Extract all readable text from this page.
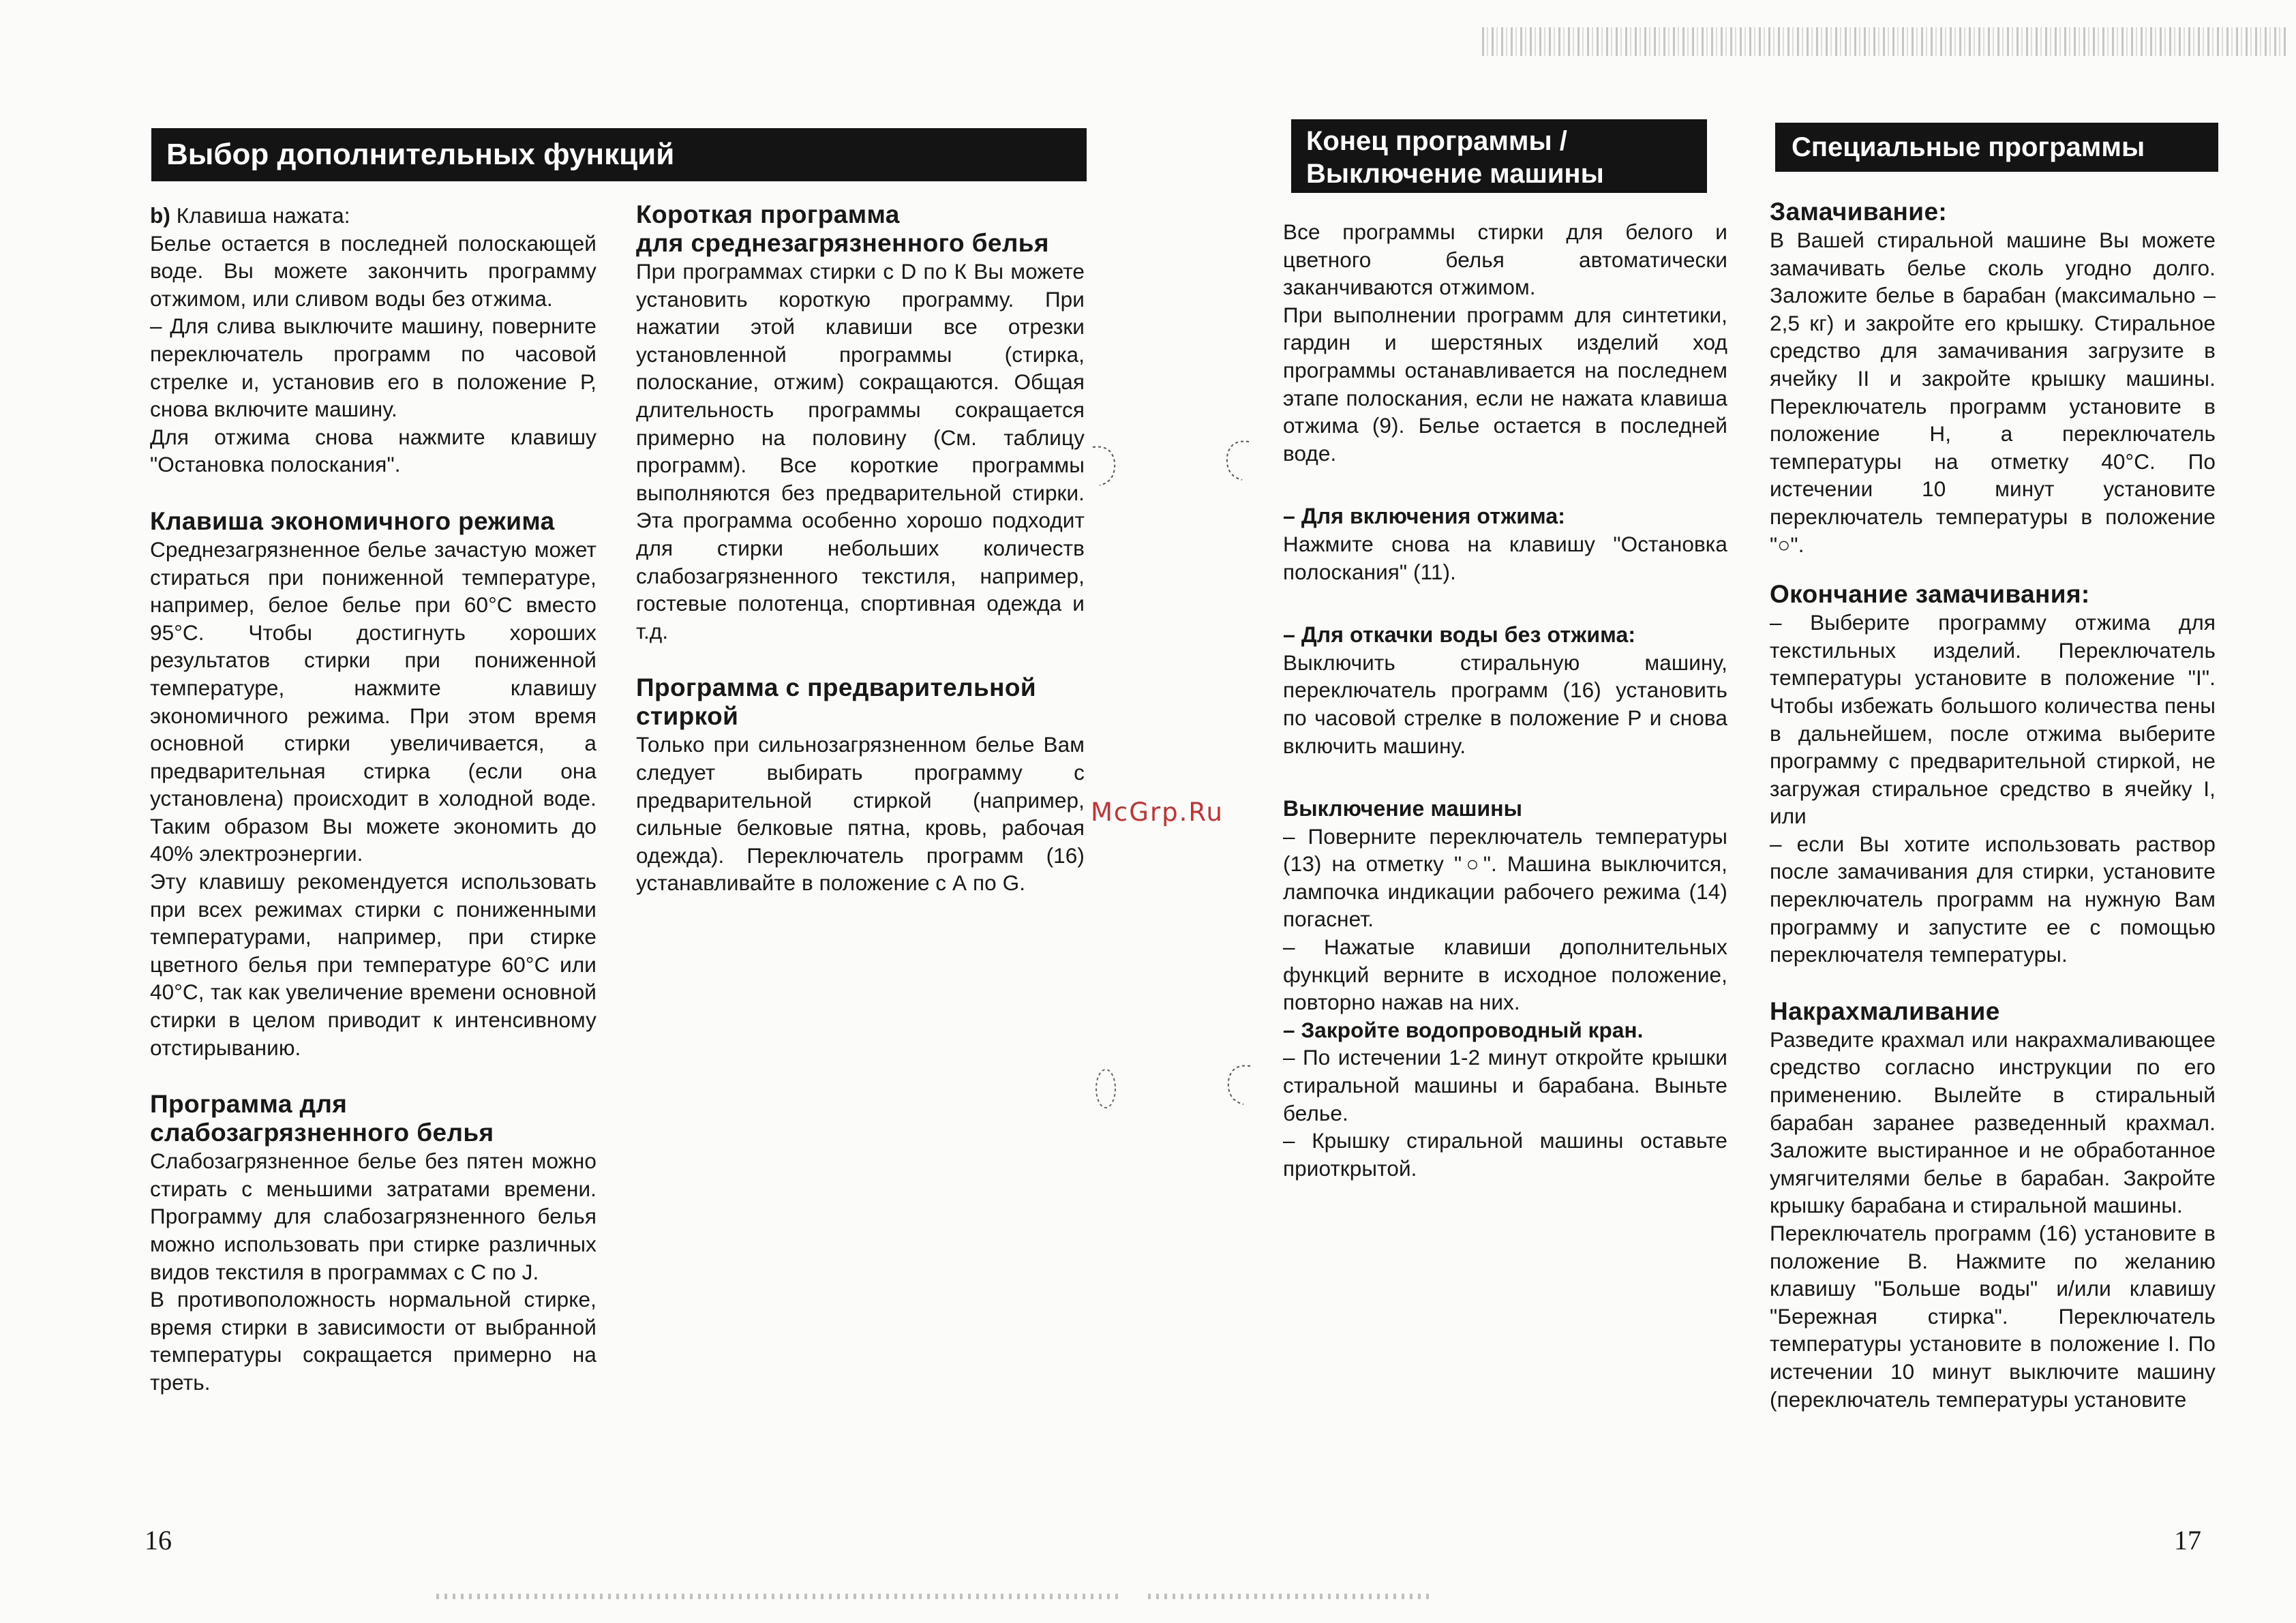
Выбор дополнительных функций

b) Клавиша нажата:

Белье остается в последней полоскающей воде. Вы можете закончить программу отжимом, или сливом воды без отжима.

– Для слива выключите машину, поверните переключатель программ по часовой стрелке и, установив его в положение Р, снова включите машину.

Для отжима снова нажмите клавишу "Остановка полоскания".

Клавиша экономичного режима

Среднезагрязненное белье зачастую может стираться при пониженной температуре, например, белое белье при 60°С вместо 95°С. Чтобы достигнуть хороших результатов стирки при пониженной температуре, нажмите клавишу экономичного режима. При этом время основной стирки увеличивается, а предварительная стирка (если она установлена) происходит в холодной воде. Таким образом Вы можете экономить до 40% электроэнергии.

Эту клавишу рекомендуется использовать при всех режимах стирки с пониженными температурами, например, при стирке цветного белья при температуре 60°С или 40°С, так как увеличение времени основной стирки в целом приводит к интенсивному отстирыванию.

Программа для
слабозагрязненного белья

Слабозагрязненное белье без пятен можно стирать с меньшими затратами времени. Программу для слабозагрязненного белья можно использовать при стирке различных видов текстиля в программах с С по J.

В противоположность нормальной стирке, время стирки в зависимости от выбранной температуры сокращается примерно на треть.

Короткая программа
для среднезагрязненного белья

При программах стирки с D по К Вы можете установить короткую программу. При нажатии этой клавиши все отрезки установленной программы (стирка, полоскание, отжим) сокращаются. Общая длительность программы сокращается примерно на половину (См. таблицу программ). Все короткие программы выполняются без предварительной стирки. Эта программа особенно хорошо подходит для стирки небольших количеств слабозагрязненного текстиля, например, гостевые полотенца, спортивная одежда и т.д.

Программа с предварительной
стиркой

Только при сильнозагрязненном белье Вам следует выбирать программу с предварительной стиркой (например, сильные белковые пятна, кровь, рабочая одежда). Переключатель программ (16) устанавливайте в положение с А по G.

McGrp.Ru
16
Конец программы /
Выключение машины

Все программы стирки для белого и цветного белья автоматически заканчиваются отжимом.

При выполнении программ для синтетики, гардин и шерстяных изделий ход программы останавливается на последнем этапе полоскания, если не нажата клавиша отжима (9). Белье остается в последней воде.

– Для включения отжима:

Нажмите снова на клавишу "Остановка полоскания" (11).

– Для откачки воды без отжима:

Выключить стиральную машину, переключатель программ (16) установить по часовой стрелке в положение Р и снова включить машину.

Выключение машины

– Поверните переключатель температуры (13) на отметку "○". Машина выключится, лампочка индикации рабочего режима (14) погаснет.

– Нажатые клавиши дополнительных функций верните в исходное положение, повторно нажав на них.

– Закройте водопроводный кран.

– По истечении 1-2 минут откройте крышки стиральной машины и барабана. Выньте белье.

– Крышку стиральной машины оставьте приоткрытой.

Специальные программы
Замачивание:

В Вашей стиральной машине Вы можете замачивать белье сколь угодно долго. Заложите белье в барабан (максимально – 2,5 кг) и закройте его крышку. Стиральное средство для замачивания загрузите в ячейку II и закройте крышку машины. Переключатель программ установите в положение Н, а переключатель температуры на отметку 40°С. По истечении 10 минут установите переключатель температуры в положение "○".

Окончание замачивания:

– Выберите программу отжима для текстильных изделий. Переключатель температуры установите в положение "I". Чтобы избежать большого количества пены в дальнейшем, после отжима выберите программу с предварительной стиркой, не загружая стиральное средство в ячейку I, или

– если Вы хотите использовать раствор после замачивания для стирки, установите переключатель программ на нужную Вам программу и запустите ее с помощью переключателя температуры.

Накрахмаливание

Разведите крахмал или накрахмаливающее средство согласно инструкции по его применению. Вылейте в стиральный барабан заранее разведенный крахмал. Заложите выстиранное и не обработанное умягчителями белье в барабан. Закройте крышку барабана и стиральной машины.

Переключатель программ (16) установите в положение В. Нажмите по желанию клавишу "Больше воды" и/или клавишу "Бережная стирка". Переключатель температуры установите в положение I. По истечении 10 минут выключите машину (переключатель температуры установите

17
